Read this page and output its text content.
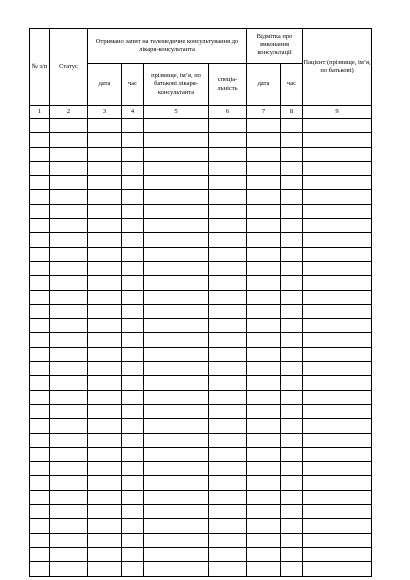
№ з/п	Статус	Отримано запит на телемедичне консультування до лікаря-консультанта				Відмітка про виконання консультації		Пацієнт (прізвище, ім’я, по батькові)
		дата	час	прізвище, ім’я, по батькові лікаря-консультанта	спеціа-льність	дата	час	
1	2	3	4	5	6	7	8	9
